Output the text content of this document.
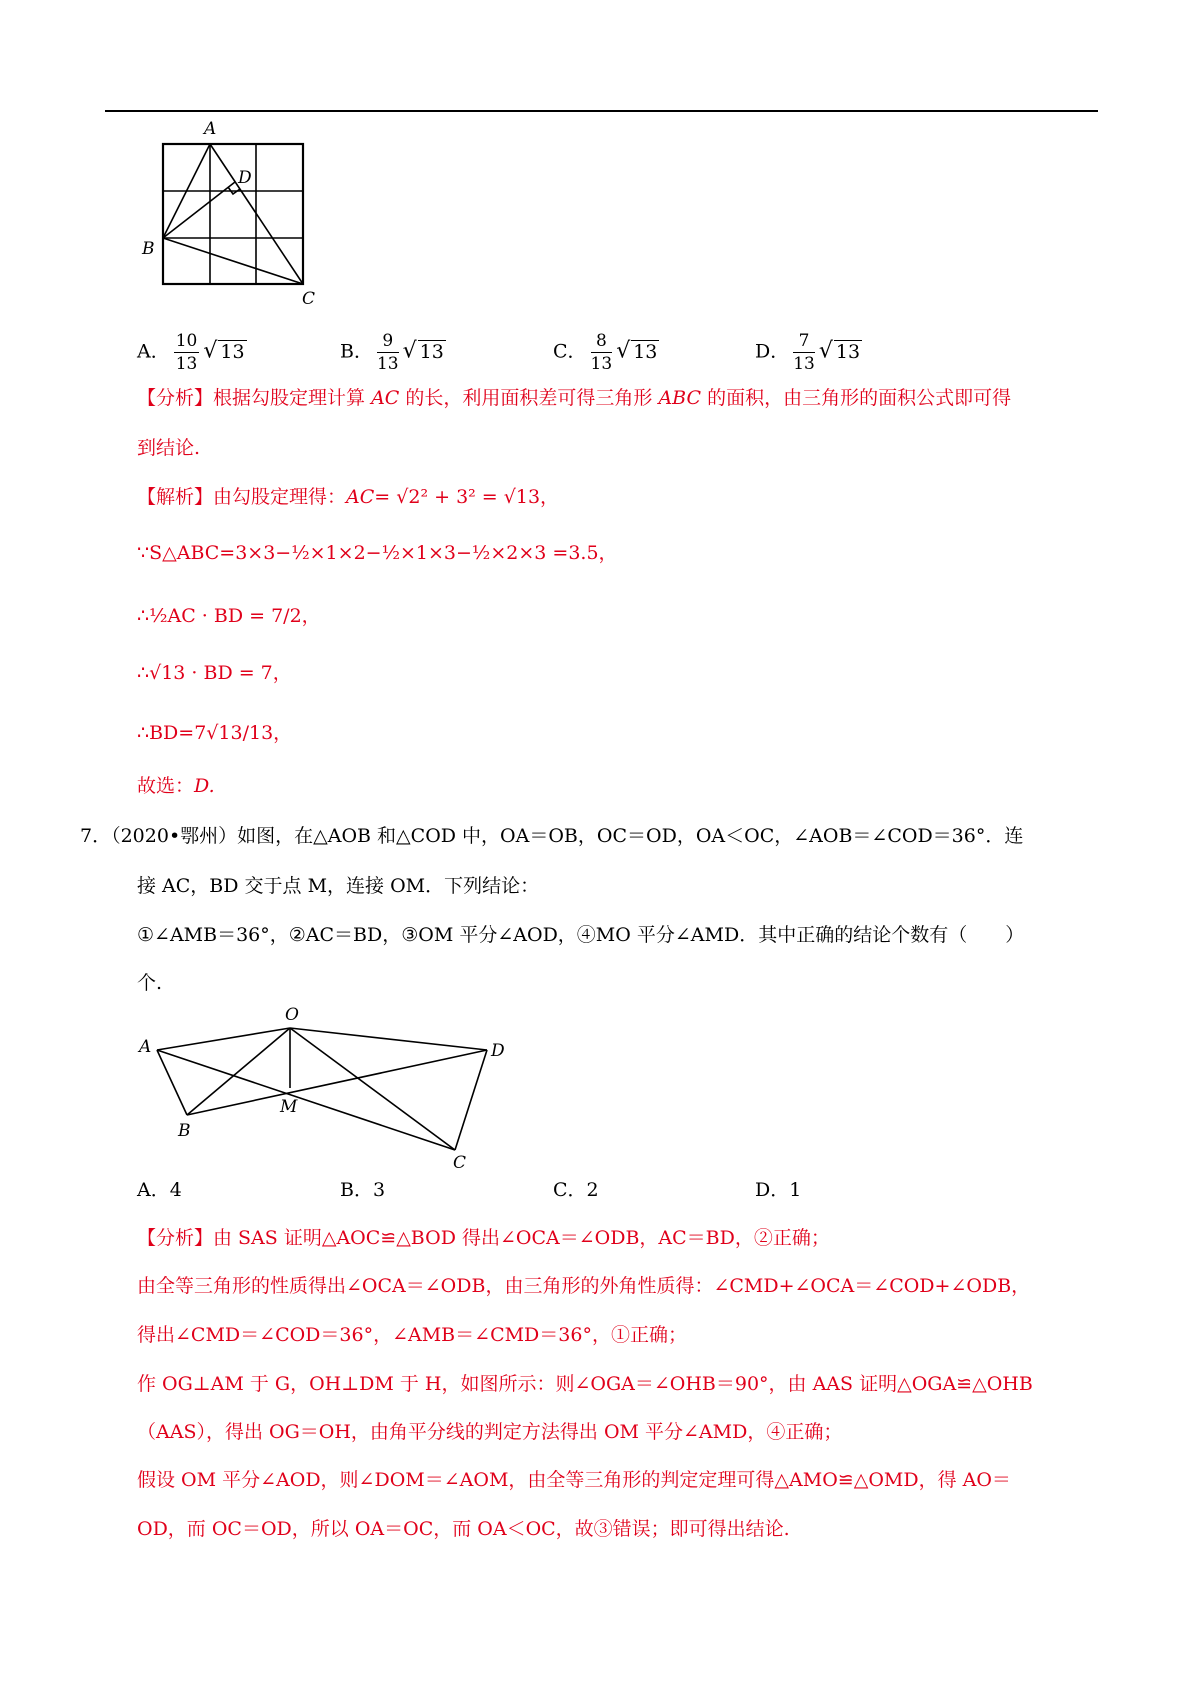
A
D
B
C
A． $\frac{10}{13}$ √ 13	B． $\frac{9}{13}$ √ 13	C． $\frac{8}{13}$ √ 13	D． $\frac{7}{13}$ √ 13
【分析】根据勾股定理计算 AC 的长，利用面积差可得三角形 ABC 的面积，由三角形的面积公式即可得
到结论.
【解析】由勾股定理得：AC= √2² + 3² = √13，
∵S△ABC=3×3−½×1×2−½×1×3−½×2×3 =3.5，
∴½AC · BD = 7/2，
∴√13 · BD = 7，
∴BD=7√13/13，
故选：D.
7．（2020•鄂州）如图，在△AOB 和△COD 中，OA＝OB，OC＝OD，OA＜OC，∠AOB＝∠COD＝36°．连
接 AC，BD 交于点 M，连接 OM．下列结论：
①∠AMB＝36°，②AC＝BD，③OM 平分∠AOD，④MO 平分∠AMD．其中正确的结论个数有（　　）
个.
A
O
D
B
M
C
A．4	B．3	C．2	D．1
【分析】由 SAS 证明△AOC≌△BOD 得出∠OCA＝∠ODB，AC＝BD，②正确；
由全等三角形的性质得出∠OCA＝∠ODB，由三角形的外角性质得：∠CMD+∠OCA＝∠COD+∠ODB，
得出∠CMD＝∠COD＝36°，∠AMB＝∠CMD＝36°，①正确；
作 OG⊥AM 于 G，OH⊥DM 于 H，如图所示：则∠OGA＝∠OHB＝90°，由 AAS 证明△OGA≌△OHB
（AAS），得出 OG＝OH，由角平分线的判定方法得出 OM 平分∠AMD，④正确；
假设 OM 平分∠AOD，则∠DOM＝∠AOM，由全等三角形的判定定理可得△AMO≌△OMD，得 AO＝
OD，而 OC＝OD，所以 OA＝OC，而 OA＜OC，故③错误；即可得出结论.
